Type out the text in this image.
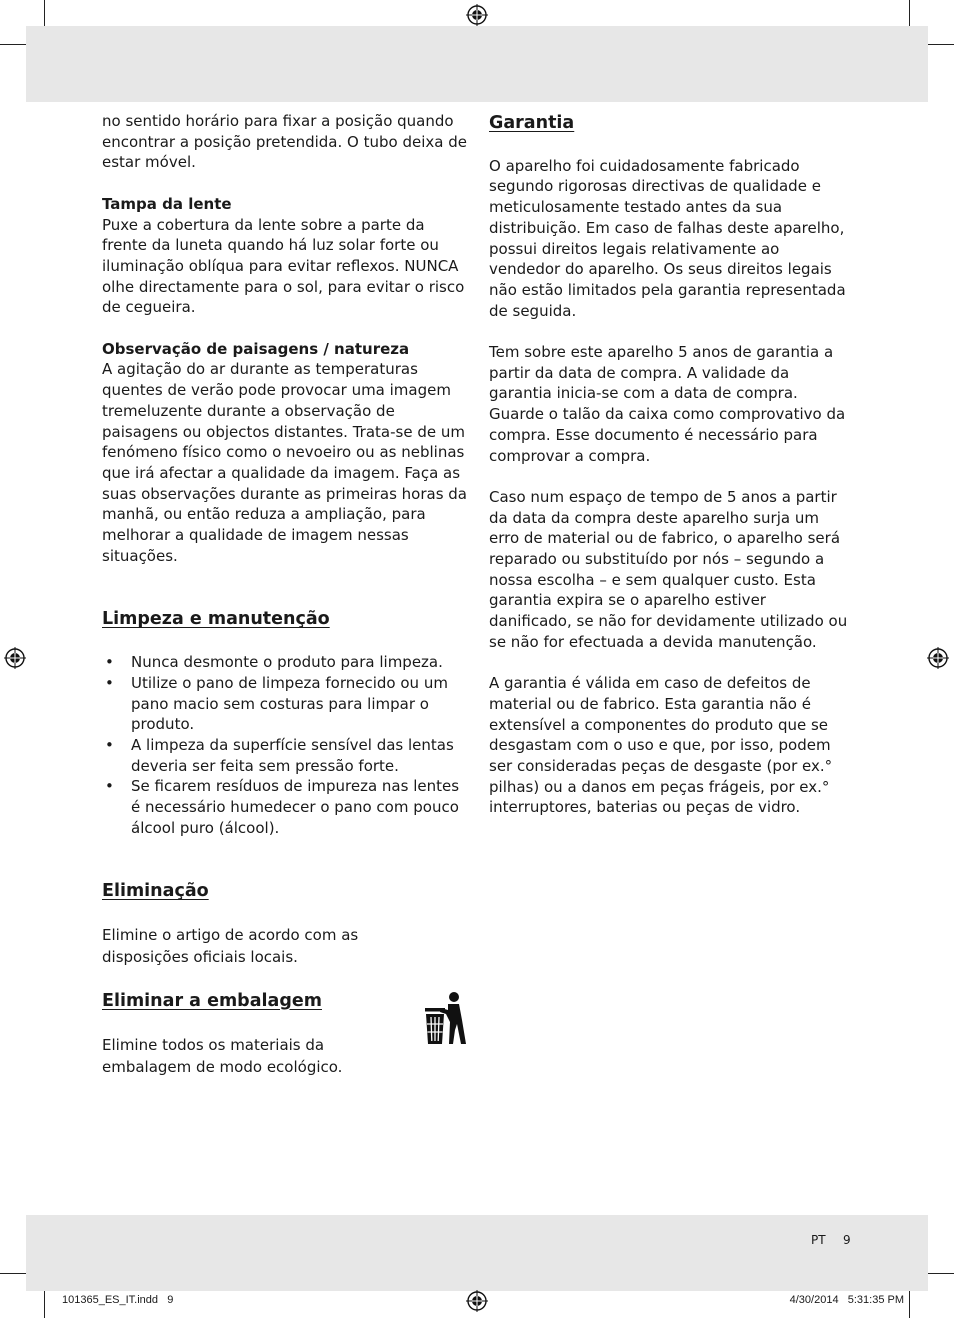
no sentido horário para fixar a posição quando encontrar a posição pretendida. O tubo deixa de estar móvel.

Tampa da lente

Puxe a cobertura da lente sobre a parte da frente da luneta quando há luz solar forte ou iluminação oblíqua para evitar reflexos. NUNCA olhe directamente para o sol, para evitar o risco de cegueira.

Observação de paisagens / natureza

A agitação do ar durante as temperaturas quentes de verão pode provocar uma imagem tremeluzente durante a observação de paisagens ou objectos distantes. Trata-se de um fenómeno físico como o nevoeiro ou as neblinas que irá afectar a qualidade da imagem. Faça as suas observações durante as primeiras horas da manhã, ou então reduza a ampliação, para melhorar a qualidade de imagem nessas situações.

Limpeza e manutenção
• Nunca desmonte o produto para limpeza.
• Utilize o pano de limpeza fornecido ou um pano macio sem costuras para limpar o produto.
• A limpeza da superfície sensível das lentas deveria ser feita sem pressão forte.
• Se ficarem resíduos de impureza nas lentes é necessário humedecer o pano com pouco álcool puro (álcool).
Eliminação

Elimine o artigo de acordo com as disposições oficiais locais.

Eliminar a embalagem

Elimine todos os materiais da embalagem de modo ecológico.

Garantia

O aparelho foi cuidadosamente fabricado segundo rigorosas directivas de qualidade e meticulosamente testado antes da sua distribuição. Em caso de falhas deste aparelho, possui direitos legais relativamente ao vendedor do aparelho. Os seus direitos legais não estão limitados pela garantia representada de seguida.

Tem sobre este aparelho 5 anos de garantia a partir da data de compra. A validade da garantia inicia-se com a data de compra. Guarde o talão da caixa como comprovativo da compra. Esse documento é necessário para comprovar a compra.

Caso num espaço de tempo de 5 anos a partir da data da compra deste aparelho surja um erro de material ou de fabrico, o aparelho será reparado ou substituído por nós – segundo a nossa escolha – e sem qualquer custo. Esta garantia expira se o aparelho estiver danificado, se não for devidamente utilizado ou se não for efectuada a devida manutenção.

A garantia é válida em caso de defeitos de material ou de fabrico. Esta garantia não é extensível a componentes do produto que se desgastam com o uso e que, por isso, podem ser consideradas peças de desgaste (por ex.° pilhas) ou a danos em peças frágeis, por ex.° interruptores, baterias ou peças de vidro.

PT 9
101365_ES_IT.indd   9	4/30/2014   5:31:35 PM
